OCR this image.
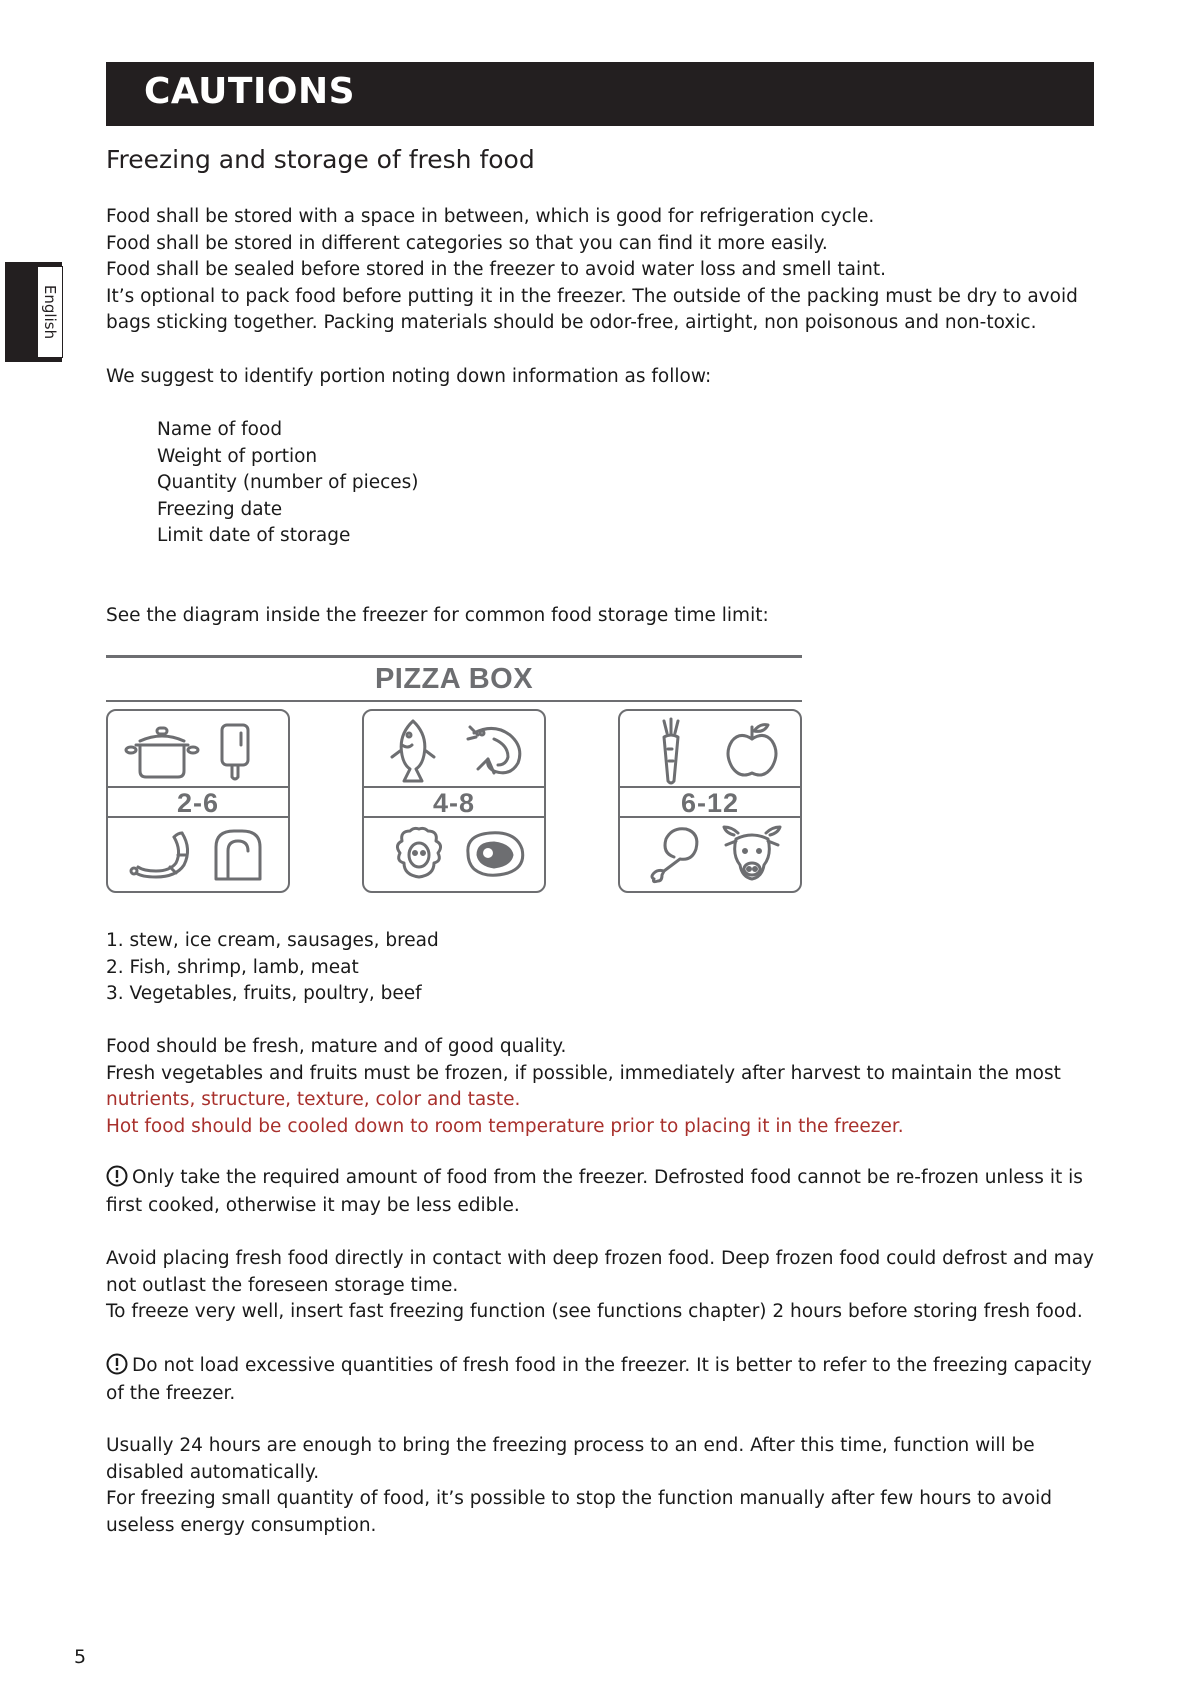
CAUTIONS
English
Freezing and storage of fresh food

Food shall be stored with a space in between, which is good for refrigeration cycle.

Food shall be stored in different categories so that you can find it more easily.

Food shall be sealed before stored in the freezer to avoid water loss and smell taint.

It’s optional to pack food before putting it in the freezer. The outside of the packing must be dry to avoid bags sticking together. Packing materials should be odor-free, airtight, non poisonous and non-toxic.

We suggest to identify portion noting down information as follow:

Name of food

Weight of portion

Quantity (number of pieces)

Freezing date

Limit date of storage

See the diagram inside the freezer for common food storage time limit:
PIZZA BOX
2-6	4-8	6-12

1. stew, ice cream, sausages, bread

2. Fish, shrimp, lamb, meat

3. Vegetables, fruits, poultry, beef

Food should be fresh, mature and of good quality.

Fresh vegetables and fruits must be frozen, if possible, immediately after harvest to maintain the most

nutrients, structure, texture, color and taste.

Hot food should be cooled down to room temperature prior to placing it in the freezer.

Only take the required amount of food from the freezer. Defrosted food cannot be re-frozen unless it is first cooked, otherwise it may be less edible.

Avoid placing fresh food directly in contact with deep frozen food. Deep frozen food could defrost and may not outlast the foreseen storage time.

To freeze very well, insert fast freezing function (see functions chapter) 2 hours before storing fresh food.

Do not load excessive quantities of fresh food in the freezer. It is better to refer to the freezing capacity of the freezer.

Usually 24 hours are enough to bring the freezing process to an end. After this time, function will be disabled automatically.

For freezing small quantity of food, it’s possible to stop the function manually after few hours to avoid useless energy consumption.

5
